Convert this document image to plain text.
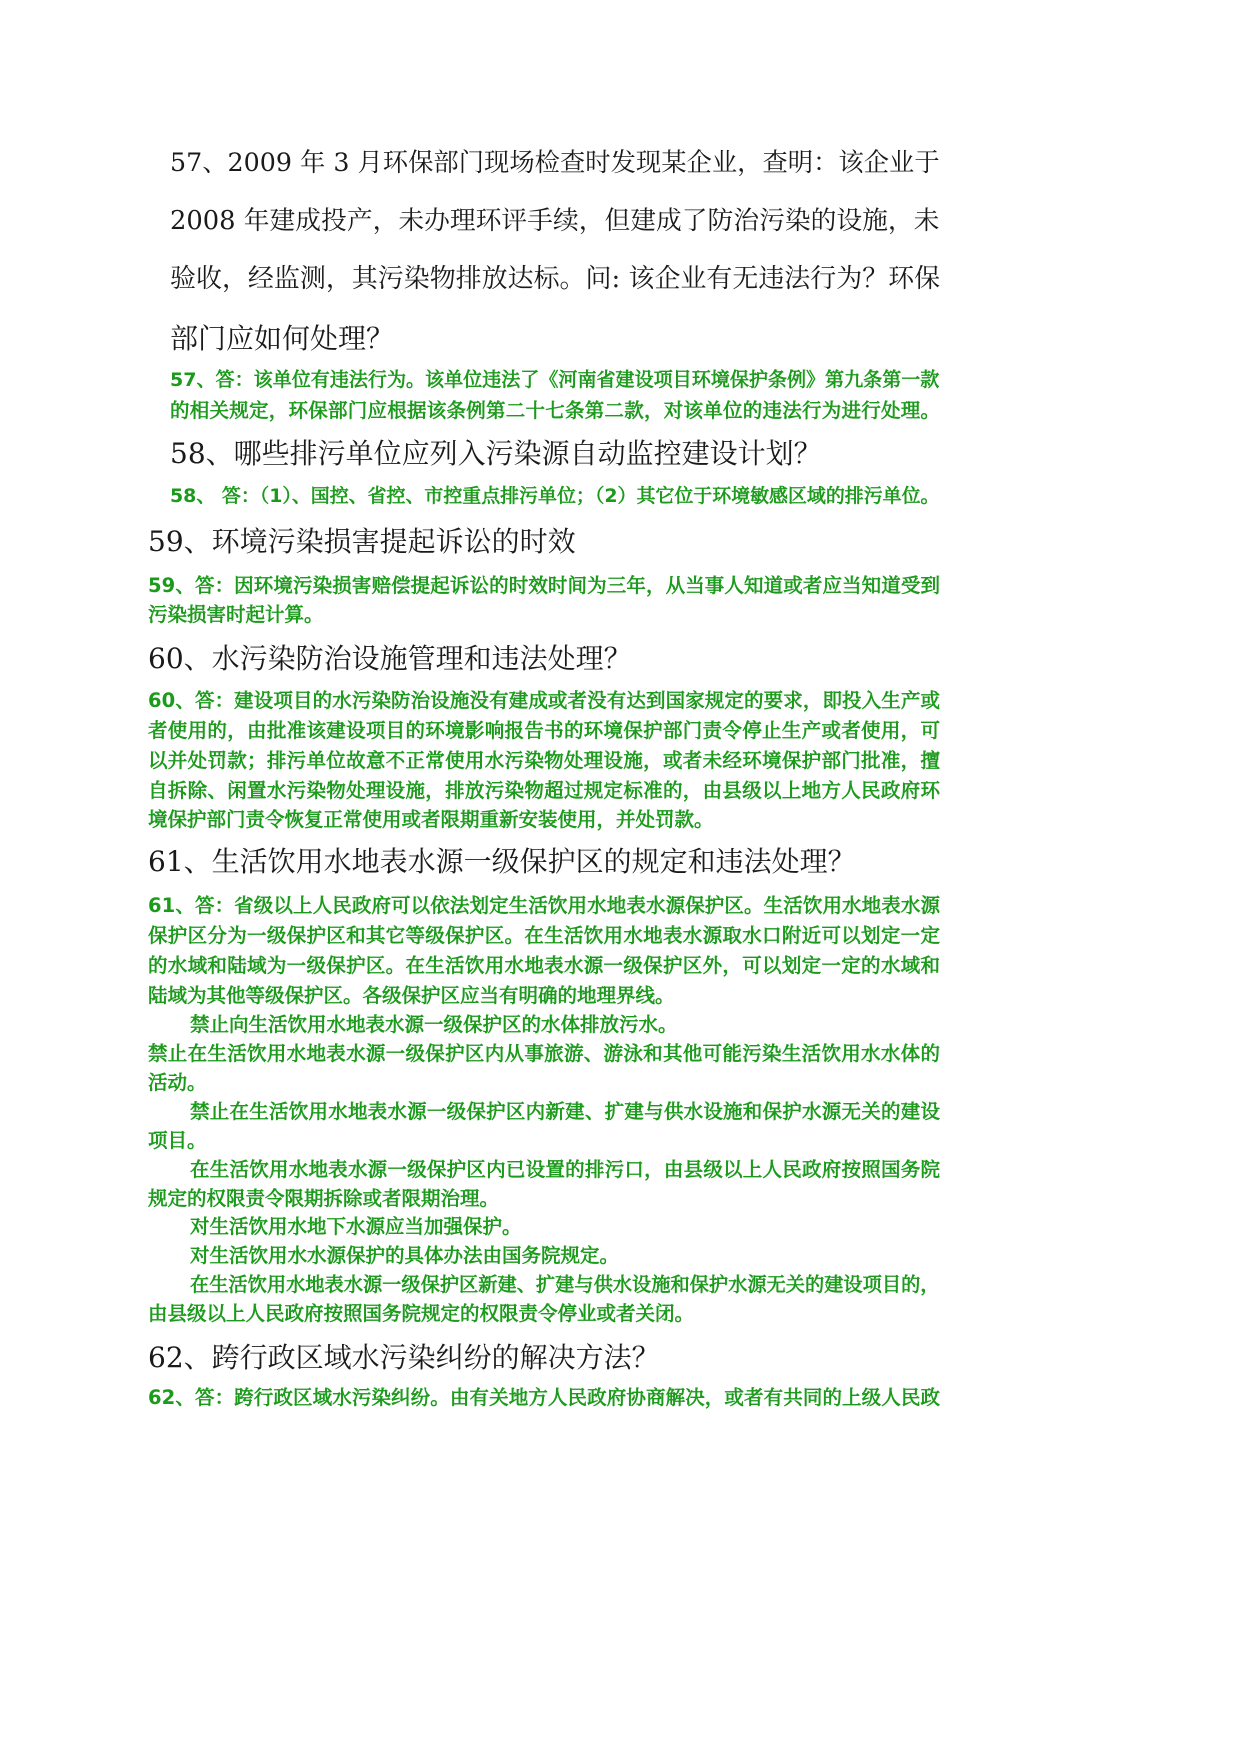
57、2009 年 3 月环保部门现场检查时发现某企业，查明：该企业于

2008 年建成投产，未办理环评手续，但建成了防治污染的设施，未

验收，经监测，其污染物排放达标。问: 该企业有无违法行为？环保

部门应如何处理？

57、答：该单位有违法行为。该单位违法了《河南省建设项目环境保护条例》第九条第一款

的相关规定，环保部门应根据该条例第二十七条第二款，对该单位的违法行为进行处理。

58、哪些排污单位应列入污染源自动监控建设计划？

58、 答：（1）、国控、省控、市控重点排污单位；（2）其它位于环境敏感区域的排污单位。

59、环境污染损害提起诉讼的时效

59、答：因环境污染损害赔偿提起诉讼的时效时间为三年，从当事人知道或者应当知道受到

污染损害时起计算。

60、水污染防治设施管理和违法处理？

60、答：建设项目的水污染防治设施没有建成或者没有达到国家规定的要求，即投入生产或

者使用的，由批准该建设项目的环境影响报告书的环境保护部门责令停止生产或者使用，可

以并处罚款；排污单位故意不正常使用水污染物处理设施，或者未经环境保护部门批准，擅

自拆除、闲置水污染物处理设施，排放污染物超过规定标准的，由县级以上地方人民政府环

境保护部门责令恢复正常使用或者限期重新安装使用，并处罚款。

61、生活饮用水地表水源一级保护区的规定和违法处理？

61、答：省级以上人民政府可以依法划定生活饮用水地表水源保护区。生活饮用水地表水源

保护区分为一级保护区和其它等级保护区。在生活饮用水地表水源取水口附近可以划定一定

的水域和陆域为一级保护区。在生活饮用水地表水源一级保护区外，可以划定一定的水域和

陆域为其他等级保护区。各级保护区应当有明确的地理界线。

禁止向生活饮用水地表水源一级保护区的水体排放污水。

禁止在生活饮用水地表水源一级保护区内从事旅游、游泳和其他可能污染生活饮用水水体的

活动。

禁止在生活饮用水地表水源一级保护区内新建、扩建与供水设施和保护水源无关的建设

项目。

在生活饮用水地表水源一级保护区内已设置的排污口，由县级以上人民政府按照国务院

规定的权限责令限期拆除或者限期治理。

对生活饮用水地下水源应当加强保护。

对生活饮用水水源保护的具体办法由国务院规定。

在生活饮用水地表水源一级保护区新建、扩建与供水设施和保护水源无关的建设项目的，

由县级以上人民政府按照国务院规定的权限责令停业或者关闭。

62、跨行政区域水污染纠纷的解决方法？

62、答：跨行政区域水污染纠纷。由有关地方人民政府协商解决，或者有共同的上级人民政
